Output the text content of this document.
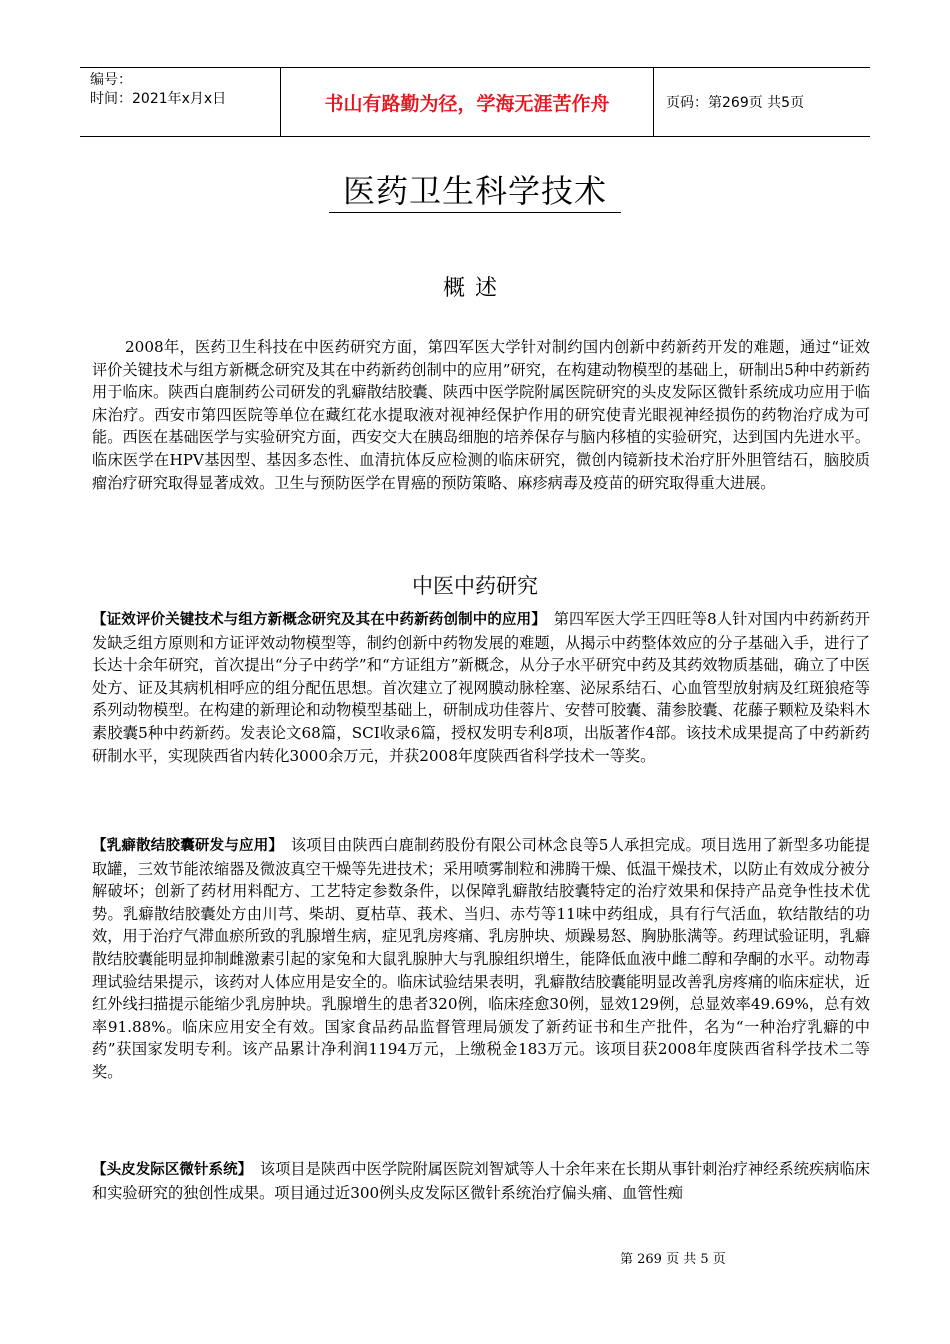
编号：
时间：2021年x月x日	书山有路勤为径，学海无涯苦作舟	页码：第269页 共5页
医药卫生科学技术
概述
2008年，医药卫生科技在中医药研究方面，第四军医大学针对制约国内创新中药新药开发的难题，通过“证效评价关键技术与组方新概念研究及其在中药新药创制中的应用”研究，在构建动物模型的基础上，研制出5种中药新药用于临床。陕西白鹿制药公司研发的乳癖散结胶囊、陕西中医学院附属医院研究的头皮发际区微针系统成功应用于临床治疗。西安市第四医院等单位在藏红花水提取液对视神经保护作用的研究使青光眼视神经损伤的药物治疗成为可能。西医在基础医学与实验研究方面，西安交大在胰岛细胞的培养保存与脑内移植的实验研究，达到国内先进水平。临床医学在HPV基因型、基因多态性、血清抗体反应检测的临床研究，微创内镜新技术治疗肝外胆管结石，脑胶质瘤治疗研究取得显著成效。卫生与预防医学在胃癌的预防策略、麻疹病毒及疫苗的研究取得重大进展。
中医中药研究
【证效评价关键技术与组方新概念研究及其在中药新药创制中的应用】  第四军医大学王四旺等8人针对国内中药新药开发缺乏组方原则和方证评效动物模型等，制约创新中药物发展的难题，从揭示中药整体效应的分子基础入手，进行了长达十余年研究，首次提出“分子中药学”和“方证组方”新概念，从分子水平研究中药及其药效物质基础，确立了中医处方、证及其病机相呼应的组分配伍思想。首次建立了视网膜动脉栓塞、泌尿系结石、心血管型放射病及红斑狼疮等系列动物模型。在构建的新理论和动物模型基础上，研制成功佳蓉片、安替可胶囊、蒲参胶囊、花藤子颗粒及染料木素胶囊5种中药新药。发表论文68篇，SCI收录6篇，授权发明专利8项，出版著作4部。该技术成果提高了中药新药研制水平，实现陕西省内转化3000余万元，并获2008年度陕西省科学技术一等奖。
【乳癖散结胶囊研发与应用】  该项目由陕西白鹿制药股份有限公司林念良等5人承担完成。项目选用了新型多功能提取罐，三效节能浓缩器及微波真空干燥等先进技术；采用喷雾制粒和沸腾干燥、低温干燥技术，以防止有效成分被分解破坏；创新了药材用料配方、工艺特定参数条件，以保障乳癖散结胶囊特定的治疗效果和保持产品竞争性技术优势。乳癖散结胶囊处方由川芎、柴胡、夏枯草、莪术、当归、赤芍等11味中药组成，具有行气活血，软结散结的功效，用于治疗气滞血瘀所致的乳腺增生病，症见乳房疼痛、乳房肿块、烦躁易怒、胸胁胀满等。药理试验证明，乳癖散结胶囊能明显抑制雌激素引起的家兔和大鼠乳腺肿大与乳腺组织增生，能降低血液中雌二醇和孕酮的水平。动物毒理试验结果提示，该药对人体应用是安全的。临床试验结果表明，乳癖散结胶囊能明显改善乳房疼痛的临床症状，近红外线扫描提示能缩少乳房肿块。乳腺增生的患者320例，临床痊愈30例，显效129例，总显效率49.69%，总有效率91.88%。临床应用安全有效。国家食品药品监督管理局颁发了新药证书和生产批件，名为“一种治疗乳癖的中药”获国家发明专利。该产品累计净利润1194万元，上缴税金183万元。该项目获2008年度陕西省科学技术二等奖。
【头皮发际区微针系统】  该项目是陕西中医学院附属医院刘智斌等人十余年来在长期从事针刺治疗神经系统疾病临床和实验研究的独创性成果。项目通过近300例头皮发际区微针系统治疗偏头痛、血管性痴
第 269 页 共 5 页
